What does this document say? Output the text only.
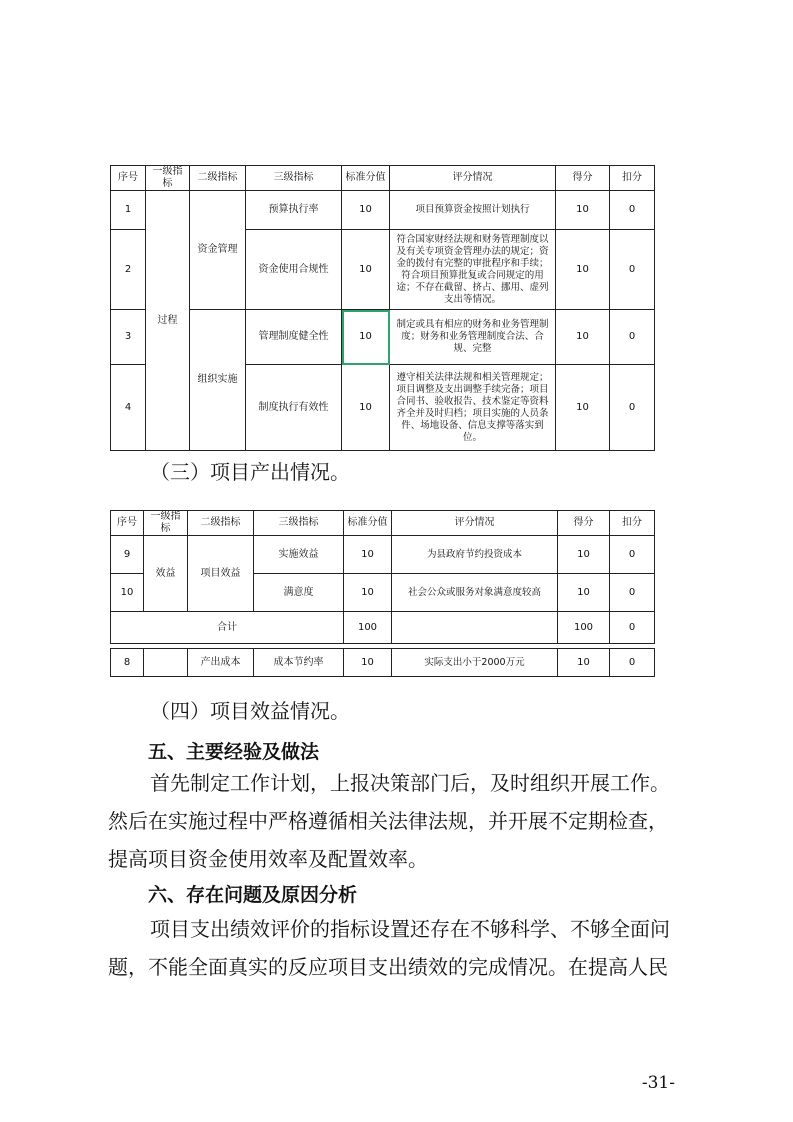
序号	一级指标	二级指标	三级指标	标准分值	评分情况	得分	扣分
1	过程	资金管理	预算执行率	10	项目预算资金按照计划执行	10	0
2			资金使用合规性	10	符合国家财经法规和财务管理制度以及有关专项资金管理办法的规定；资金的拨付有完整的审批程序和手续；符合项目预算批复或合同规定的用途；不存在截留、挤占、挪用、虚列支出等情况。	10	0
3		组织实施	管理制度健全性	10	制定或具有相应的财务和业务管理制度；财务和业务管理制度合法、合规、完整	10	0
4			制度执行有效性	10	遵守相关法律法规和相关管理规定；项目调整及支出调整手续完备；项目合同书、验收报告、技术鉴定等资料齐全并及时归档；项目实施的人员条件、场地设备、信息支撑等落实到位。	10	0
（三）项目产出情况。
序号	一级指标	二级指标	三级指标	标准分值	评分情况	得分	扣分
9	效益	项目效益	实施效益	10	为县政府节约投资成本	10	0
10			满意度	10	社会公众或服务对象满意度较高	10	0
合计				100		100	0
8		产出成本	成本节约率	10	实际支出小于2000万元	10	0
（四）项目效益情况。
五、主要经验及做法
首先制定工作计划，上报决策部门后，及时组织开展工作。
然后在实施过程中严格遵循相关法律法规，并开展不定期检查，
提高项目资金使用效率及配置效率。
六、存在问题及原因分析
项目支出绩效评价的指标设置还存在不够科学、不够全面问
题，不能全面真实的反应项目支出绩效的完成情况。在提高人民
-31-
